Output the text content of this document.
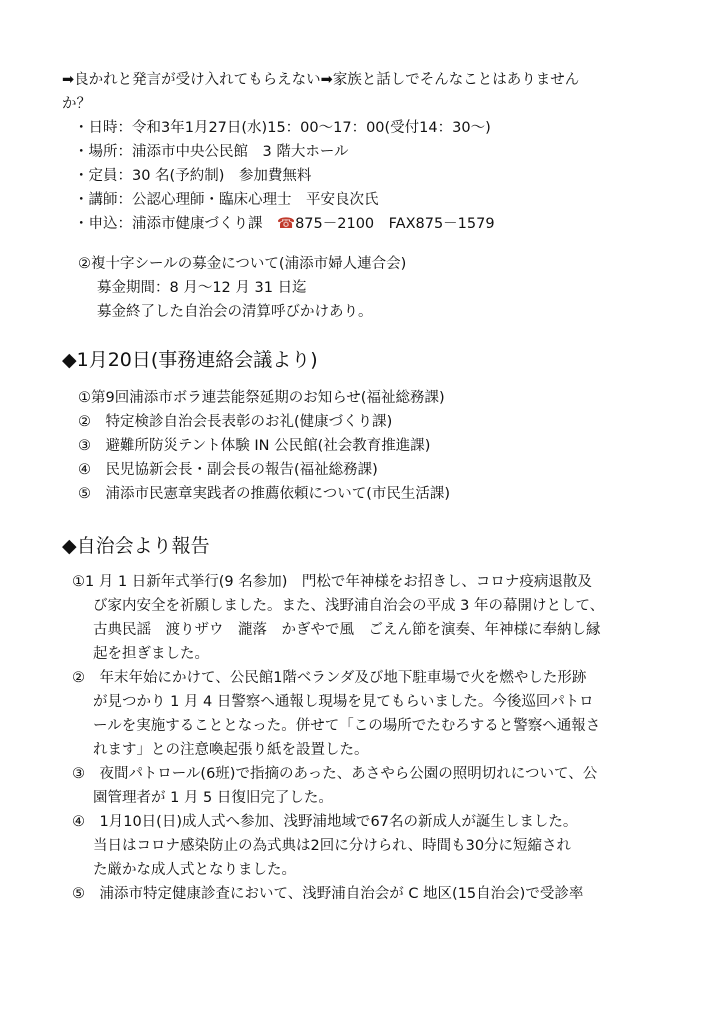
➡良かれと発言が受け入れてもらえない➡家族と話しでそんなことはありません
か？
・日時：令和3年1月27日(水)15：00～17：00(受付14：30～)
・場所：浦添市中央公民館　3 階大ホール
・定員：30 名(予約制)　参加費無料
・講師：公認心理師・臨床心理士　平安良次氏
・申込：浦添市健康づくり課　 ☎875－2100　FAX875－1579
②複十字シールの募金について(浦添市婦人連合会)
募金期間：8 月～12 月 31 日迄
募金終了した自治会の清算呼びかけあり。
◆1月20日(事務連絡会議より)
①第9回浦添市ボラ連芸能祭延期のお知らせ(福祉総務課)
②　特定検診自治会長表彰のお礼(健康づくり課)
③　避難所防災テント体験 IN 公民館(社会教育推進課)
④　民児協新会長・副会長の報告(福祉総務課)
⑤　浦添市民憲章実践者の推薦依頼について(市民生活課)
◆自治会より報告
①1 月 1 日新年式挙行(9 名参加)　門松で年神様をお招きし、コロナ疫病退散及
び家内安全を祈願しました。また、浅野浦自治会の平成 3 年の幕開けとして、
古典民謡　渡りザウ　瀧落　かぎやで風　ごえん節を演奏、年神様に奉納し縁
起を担ぎました。
②　年末年始にかけて、公民館1階ベランダ及び地下駐車場で火を燃やした形跡
が見つかり 1 月 4 日警察へ通報し現場を見てもらいました。今後巡回パトロ
ールを実施することとなった。併せて「この場所でたむろすると警察へ通報さ
れます」との注意喚起張り紙を設置した。
③　夜間パトロール(6班)で指摘のあった、あさやら公園の照明切れについて、公
園管理者が 1 月 5 日復旧完了した。
④　1月10日(日)成人式へ参加、浅野浦地域で67名の新成人が誕生しました。
当日はコロナ感染防止の為式典は2回に分けられ、時間も30分に短縮され
た厳かな成人式となりました。
⑤　浦添市特定健康診査において、浅野浦自治会が C 地区(15自治会)で受診率
